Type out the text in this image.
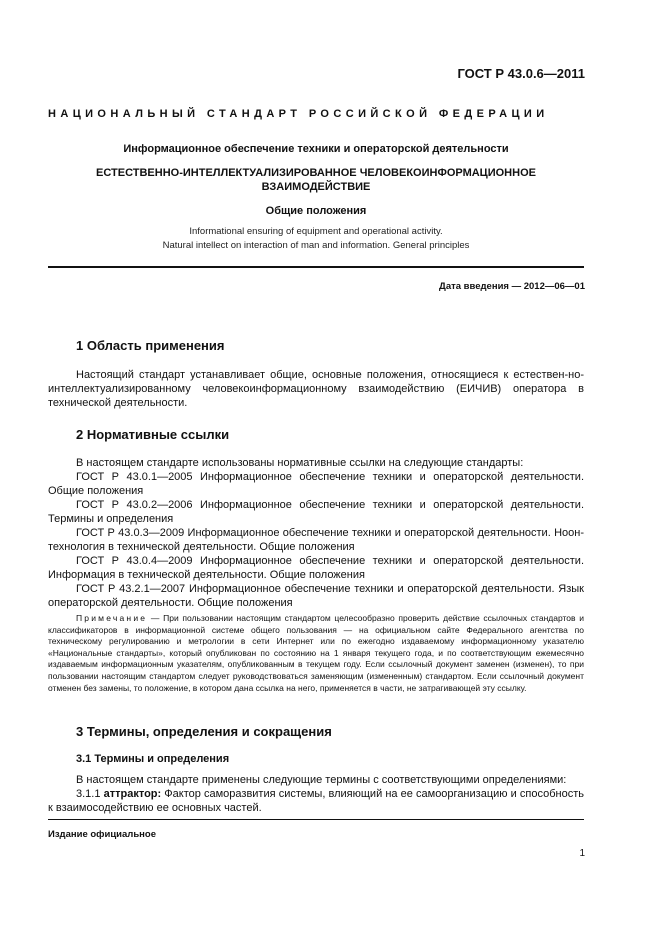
ГОСТ Р 43.0.6—2011
НАЦИОНАЛЬНЫЙ СТАНДАРТ РОССИЙСКОЙ ФЕДЕРАЦИИ
Информационное обеспечение техники и операторской деятельности
ЕСТЕСТВЕННО-ИНТЕЛЛЕКТУАЛИЗИРОВАННОЕ ЧЕЛОВЕКОИНФОРМАЦИОННОЕ
ВЗАИМОДЕЙСТВИЕ
Общие положения
Informational ensuring of equipment and operational activity.
Natural intellect on interaction of man and information. General principles
Дата введения — 2012—06—01
1 Область применения
Настоящий стандарт устанавливает общие, основные положения, относящиеся к естествен-но-интеллектуализированному человекоинформационному взаимодействию (ЕИЧИВ) оператора в технической деятельности.
2 Нормативные ссылки
В настоящем стандарте использованы нормативные ссылки на следующие стандарты:
ГОСТ Р 43.0.1—2005 Информационное обеспечение техники и операторской деятельности. Общие положения
ГОСТ Р 43.0.2—2006 Информационное обеспечение техники и операторской деятельности. Термины и определения
ГОСТ Р 43.0.3—2009 Информационное обеспечение техники и операторской деятельности. Ноон-технология в технической деятельности. Общие положения
ГОСТ Р 43.0.4—2009 Информационное обеспечение техники и операторской деятельности. Информация в технической деятельности. Общие положения
ГОСТ Р 43.2.1—2007 Информационное обеспечение техники и операторской деятельности. Язык операторской деятельности. Общие положения
Примечание — При пользовании настоящим стандартом целесообразно проверить действие ссылочных стандартов и классификаторов в информационной системе общего пользования — на официальном сайте Федерального агентства по техническому регулированию и метрологии в сети Интернет или по ежегодно издаваемому информационному указателю «Национальные стандарты», который опубликован по состоянию на 1 января текущего года, и по соответствующим ежемесячно издаваемым информационным указателям, опубликованным в текущем году. Если ссылочный документ заменен (изменен), то при пользовании настоящим стандартом следует руководствоваться заменяющим (измененным) стандартом. Если ссылочный документ отменен без замены, то положение, в котором дана ссылка на него, применяется в части, не затрагивающей эту ссылку.
3 Термины, определения и сокращения
3.1 Термины и определения
В настоящем стандарте применены следующие термины с соответствующими определениями:
3.1.1 аттрактор: Фактор саморазвития системы, влияющий на ее самоорганизацию и способность к взаимосодействию ее основных частей.
Издание официальное
1
